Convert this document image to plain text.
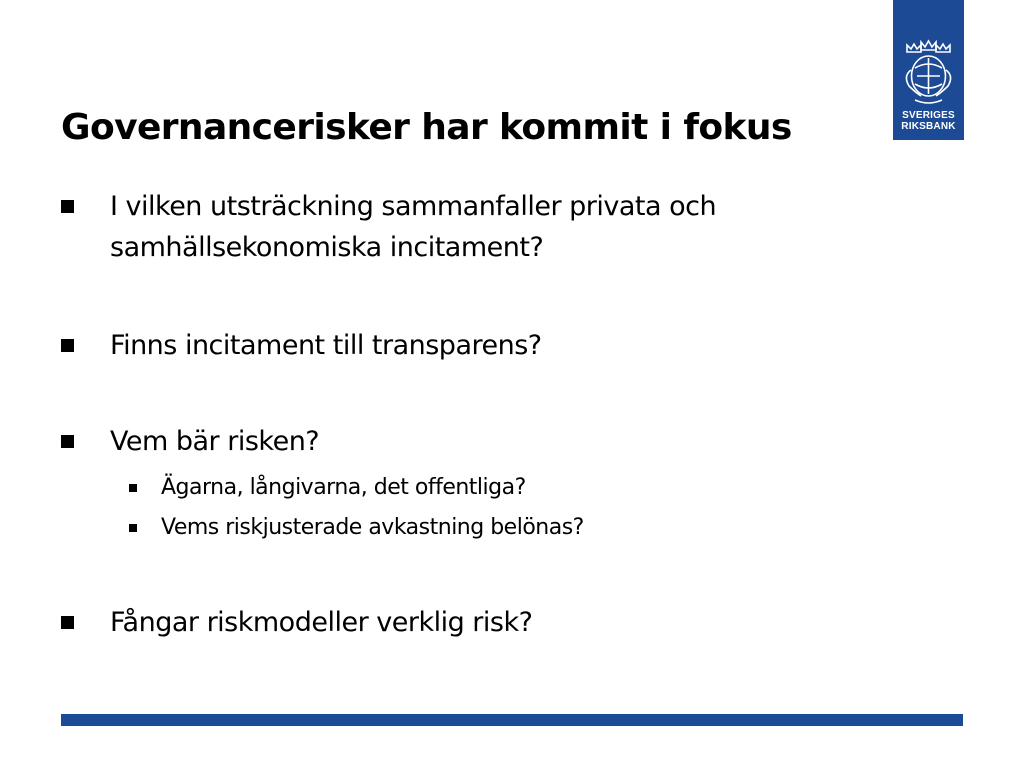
SVERIGES
RIKSBANK
Governancerisker har kommit i fokus
I vilken utsträckning sammanfaller privata och samhällsekonomiska incitament?
Finns incitament till transparens?
Vem bär risken?
Ägarna, långivarna, det offentliga?
Vems riskjusterade avkastning belönas?
Fångar riskmodeller verklig risk?
